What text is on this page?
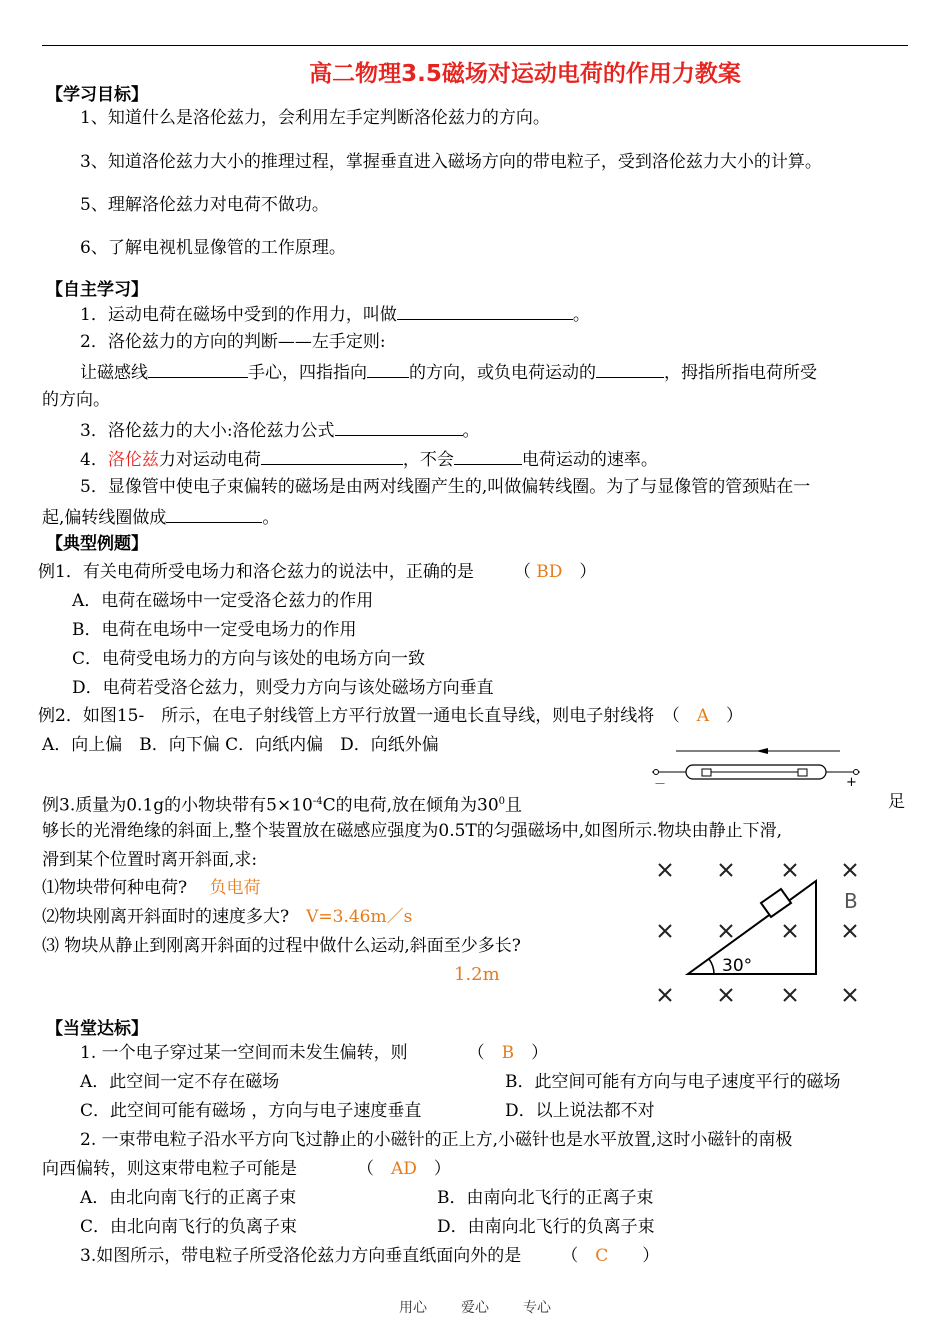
高二物理3.5磁场对运动电荷的作用力教案
【学习目标】
1、知道什么是洛伦兹力，会利用左手定判断洛伦兹力的方向。
3、知道洛伦兹力大小的推理过程，掌握垂直进入磁场方向的带电粒子，受到洛伦兹力大小的计算。
5、理解洛伦兹力对电荷不做功。
6、了解电视机显像管的工作原理。
【自主学习】
1．运动电荷在磁场中受到的作用力，叫做	。
2．洛伦兹力的方向的判断——左手定则:
让磁感线	手心，四指指向 的方向，或负电荷运动的	，拇指所指电荷所受
的方向。
3．洛伦兹力的大小:洛伦兹力公式	。
4．洛伦兹力对运动电荷	，不会	电荷运动的速率。
5．显像管中使电子束偏转的磁场是由两对线圈产生的,叫做偏转线圈。为了与显像管的管颈贴在一
起,偏转线圈做成	。
【典型例题】
例1．有关电荷所受电场力和洛仑兹力的说法中，正确的是 （ BD　）
A．电荷在磁场中一定受洛仑兹力的作用
B．电荷在电场中一定受电场力的作用
C．电荷受电场力的方向与该处的电场方向一致
D．电荷若受洛仑兹力，则受力方向与该处磁场方向垂直
例2．如图15-　所示，在电子射线管上方平行放置一通电长直导线，则电子射线将　（　A　）
A．向上偏　B．向下偏 C．向纸内偏　D．向纸外偏
－	+
例3.质量为0.1g的小物块带有$5\times 10^{-4}C$的电荷,放在倾角为$30^0$且	足
够长的光滑绝缘的斜面上,整个装置放在磁感应强度为0.5T的匀强磁场中,如图所示.物块由静止下滑,
滑到某个位置时离开斜面,求:
⑴物块带何种电荷?　 负电荷
⑵物块刚离开斜面时的速度多大?　 V=3.46m／s
⑶ 物块从静止到刚离开斜面的过程中做什么运动,斜面至少多长?
1.2m	30°
B
【当堂达标】
1. 一个电子穿过某一空间而未发生偏转，则	（　B　）
A．此空间一定不存在磁场	B．此空间可能有方向与电子速度平行的磁场
C．此空间可能有磁场 ，方向与电子速度垂直	D．以上说法都不对
2. 一束带电粒子沿水平方向飞过静止的小磁针的正上方,小磁针也是水平放置,这时小磁针的南极
向西偏转，则这束带电粒子可能是	（　AD　）
A．由北向南飞行的正离子束	B．由南向北飞行的正离子束
C．由北向南飞行的负离子束	D．由南向北飞行的负离子束
3.如图所示，带电粒子所受洛伦兹力方向垂直纸面向外的是 （　C　　）
用心 爱心 专心
